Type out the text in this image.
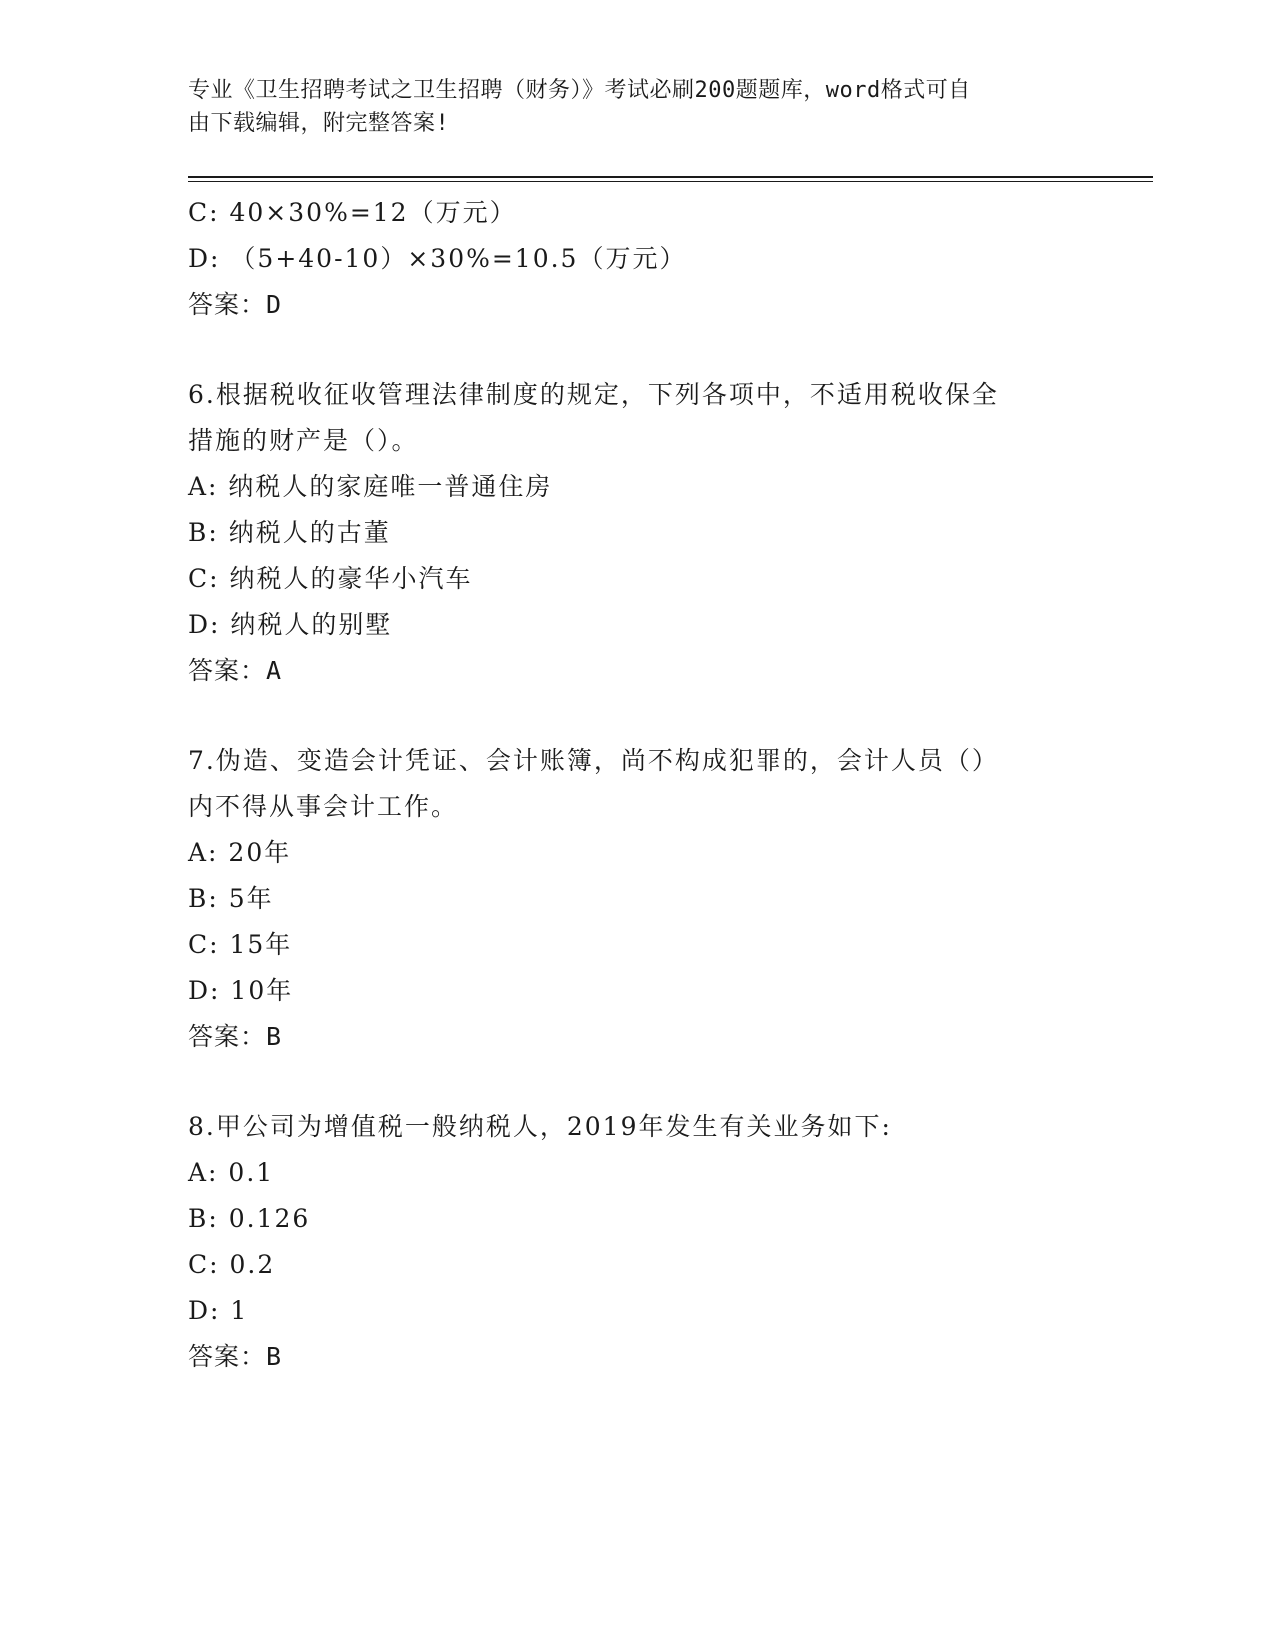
专业《卫生招聘考试之卫生招聘（财务）》考试必刷200题题库，word格式可自
由下载编辑，附完整答案!
C: 40×30%=12（万元）
D: （5+40-10）×30%=10.5（万元）
答案：D
6.根据税收征收管理法律制度的规定，下列各项中，不适用税收保全
措施的财产是（）。
A: 纳税人的家庭唯一普通住房
B: 纳税人的古董
C: 纳税人的豪华小汽车
D: 纳税人的别墅
答案：A
7.伪造、变造会计凭证、会计账簿，尚不构成犯罪的，会计人员（）
内不得从事会计工作。
A: 20年
B: 5年
C: 15年
D: 10年
答案：B
8.甲公司为增值税一般纳税人，2019年发生有关业务如下:
A: 0.1
B: 0.126
C: 0.2
D: 1
答案：B
